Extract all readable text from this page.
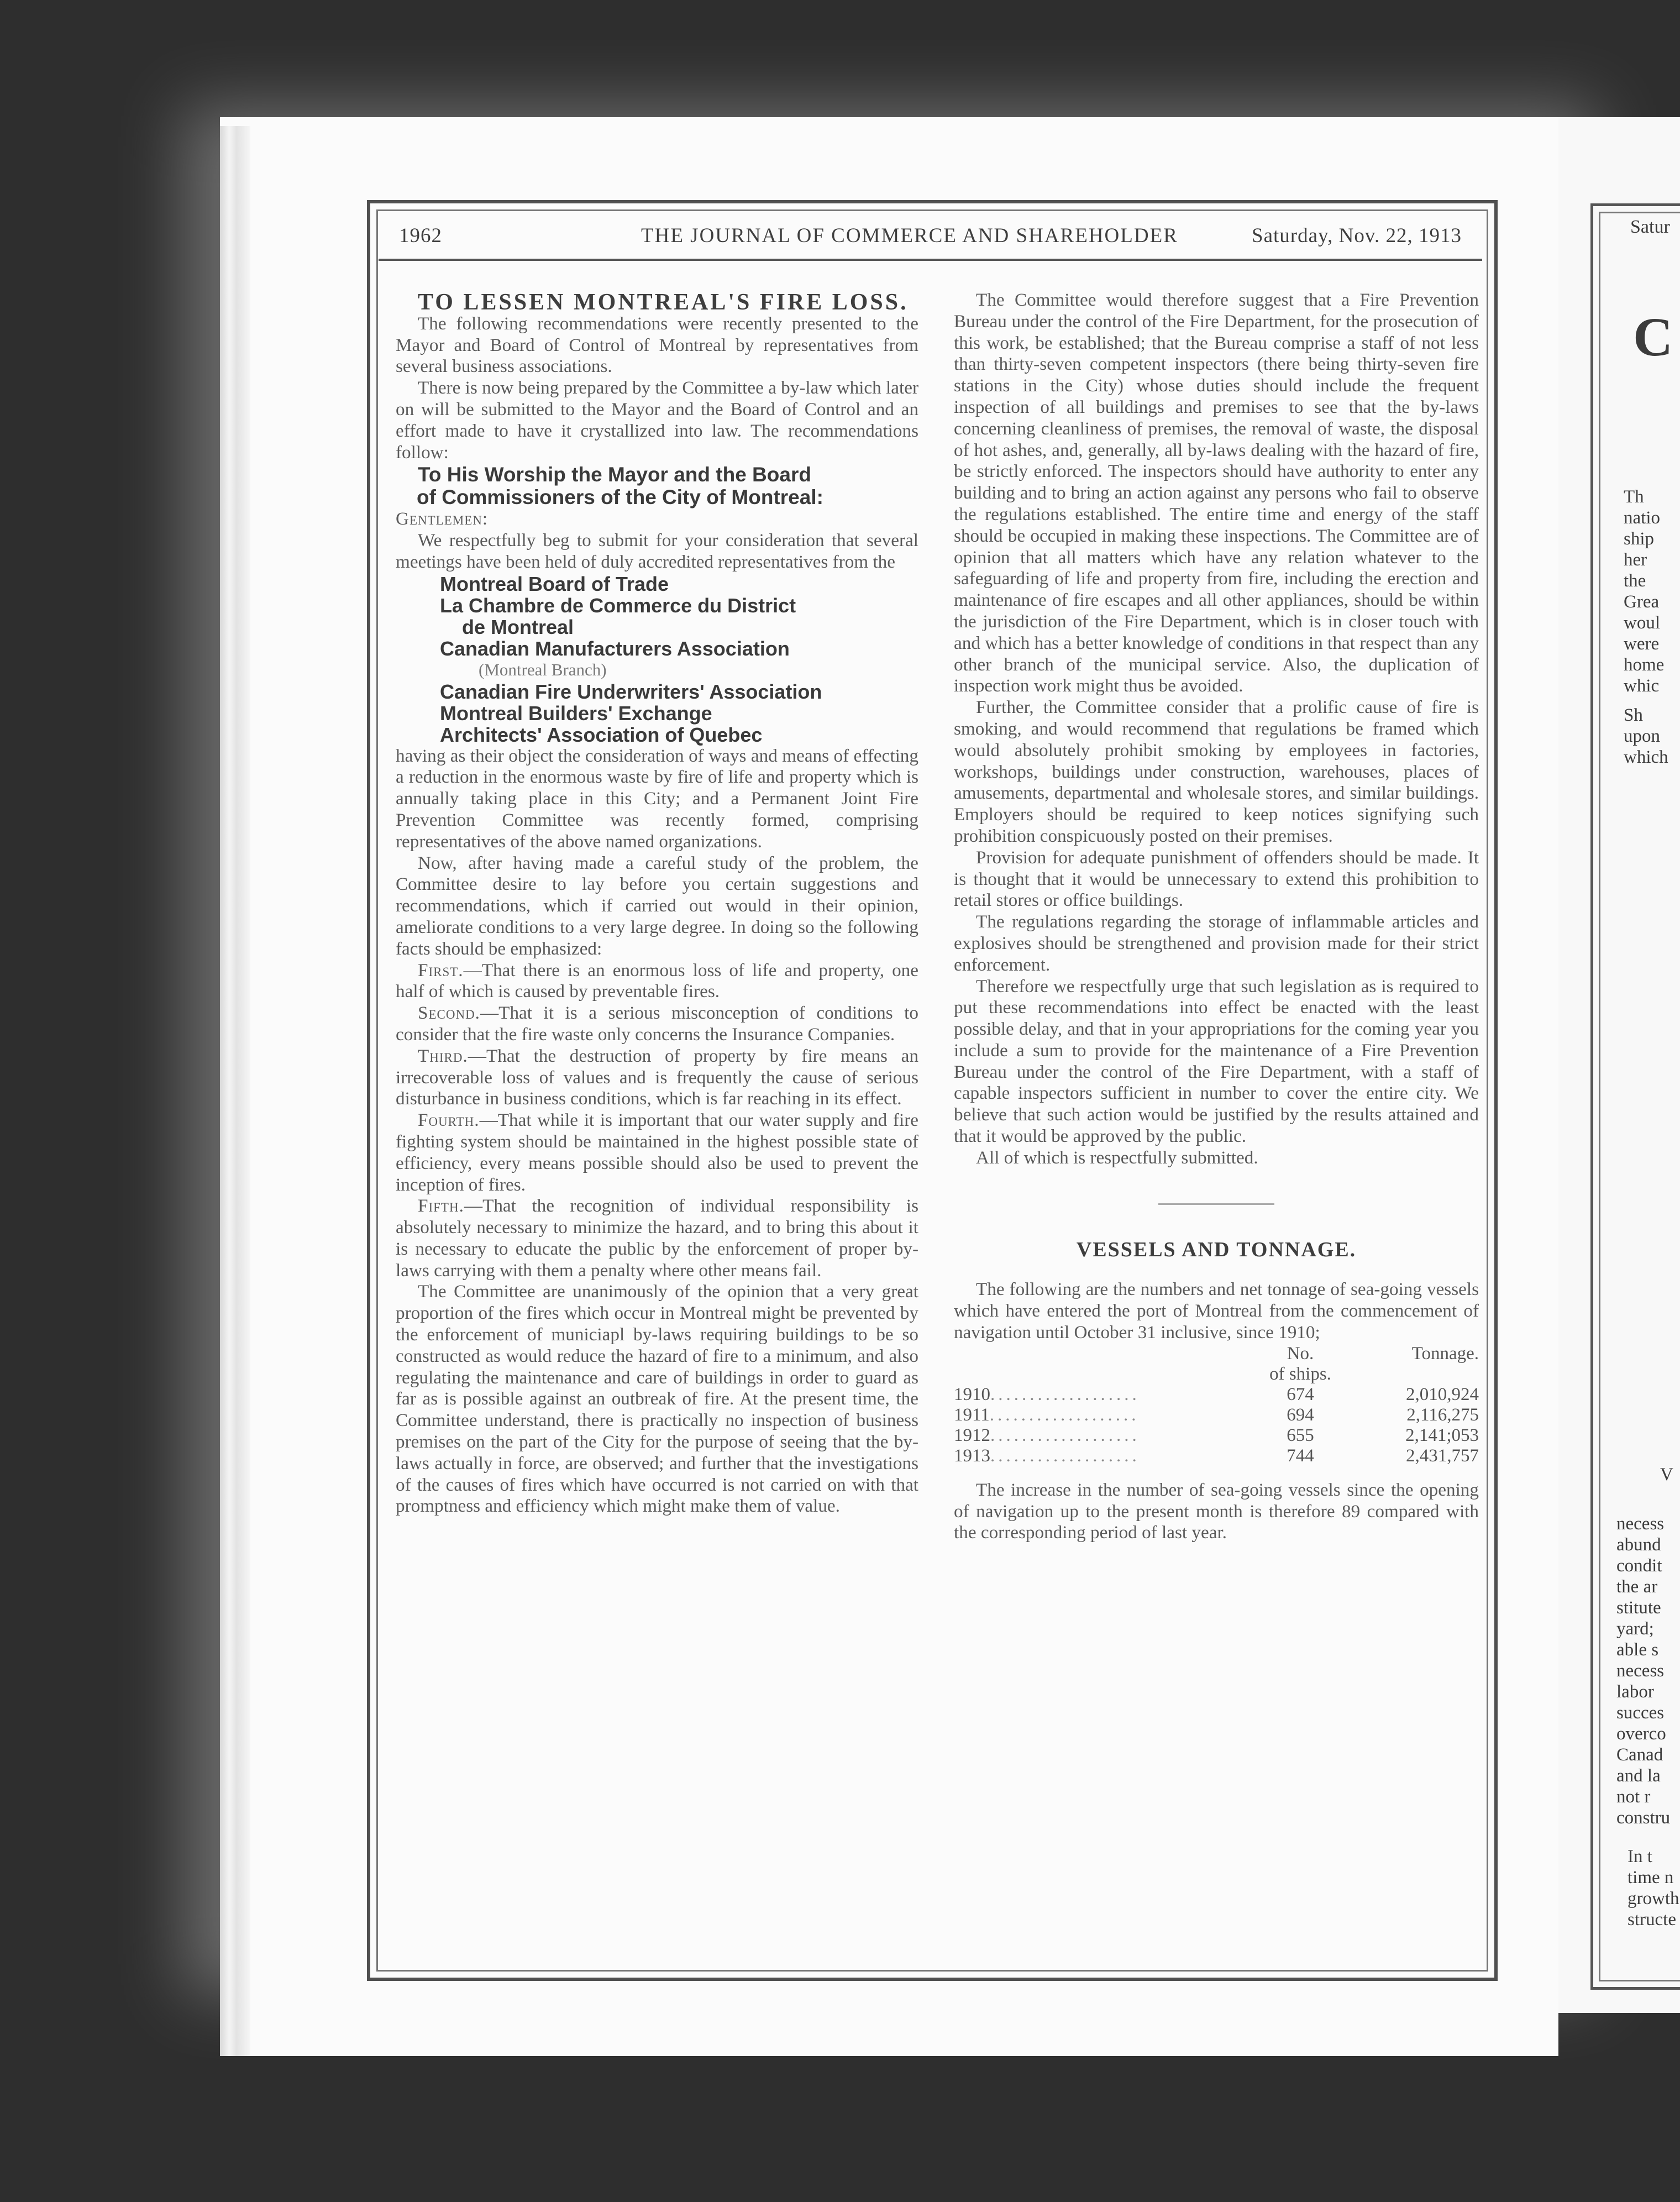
Satur
C
Th
natio
ship
her
the
Grea
woul
were
home
whic
Sh
upon
which
V
necess
abund
condit
the ar
stitute
yard;
able s
necess
labor
succes
overco
Canad
and la
not r
constru
In t
time n
growth
structe
1962	THE JOURNAL OF COMMERCE AND SHAREHOLDER	Saturday, Nov. 22, 1913

TO LESSEN MONTREAL'S FIRE LOSS.

The following recommendations were recently presented to the Mayor and Board of Control of Montreal by representatives from several business associations.

There is now being prepared by the Committee a by-law which later on will be submitted to the Mayor and the Board of Control and an effort made to have it crystallized into law. The recommendations follow:

To His Worship the Mayor and the Board
of Commissioners of the City of Montreal:

Gentlemen:

We respectfully beg to submit for your consideration that several meetings have been held of duly accredited representatives from the

Montreal Board of Trade
La Chambre de Commerce du District
de Montreal
Canadian Manufacturers Association
(Montreal Branch)
Canadian Fire Underwriters' Association
Montreal Builders' Exchange
Architects' Association of Quebec

having as their object the consideration of ways and means of effecting a reduction in the enormous waste by fire of life and property which is annually taking place in this City; and a Permanent Joint Fire Prevention Committee was recently formed, comprising representatives of the above named organizations.

Now, after having made a careful study of the problem, the Committee desire to lay before you certain suggestions and recommendations, which if carried out would in their opinion, ameliorate conditions to a very large degree. In doing so the following facts should be emphasized:

First.—That there is an enormous loss of life and property, one half of which is caused by preventable fires.

Second.—That it is a serious misconception of conditions to consider that the fire waste only concerns the Insurance Companies.

Third.—That the destruction of property by fire means an irrecoverable loss of values and is frequently the cause of serious disturbance in business conditions, which is far reaching in its effect.

Fourth.—That while it is important that our water supply and fire fighting system should be maintained in the highest possible state of efficiency, every means possible should also be used to prevent the inception of fires.

Fifth.—That the recognition of individual responsibility is absolutely necessary to minimize the hazard, and to bring this about it is necessary to educate the public by the enforcement of proper by-laws carrying with them a penalty where other means fail.

The Committee are unanimously of the opinion that a very great proportion of the fires which occur in Montreal might be prevented by the enforcement of municiapl by-laws requiring buildings to be so constructed as would reduce the hazard of fire to a minimum, and also regulating the maintenance and care of buildings in order to guard as far as is possible against an outbreak of fire. At the present time, the Committee understand, there is practically no inspection of business premises on the part of the City for the purpose of seeing that the by-laws actually in force, are observed; and further that the investigations of the causes of fires which have occurred is not carried on with that promptness and efficiency which might make them of value.

The Committee would therefore suggest that a Fire Prevention Bureau under the control of the Fire Department, for the prosecution of this work, be established; that the Bureau comprise a staff of not less than thirty-seven competent inspectors (there being thirty-seven fire stations in the City) whose duties should include the frequent inspection of all buildings and premises to see that the by-laws concerning cleanliness of premises, the removal of waste, the disposal of hot ashes, and, generally, all by-laws dealing with the hazard of fire, be strictly enforced. The inspectors should have authority to enter any building and to bring an action against any persons who fail to observe the regulations established. The entire time and energy of the staff should be occupied in making these inspections. The Committee are of opinion that all matters which have any relation whatever to the safeguarding of life and property from fire, including the erection and maintenance of fire escapes and all other appliances, should be within the jurisdiction of the Fire Department, which is in closer touch with and which has a better knowledge of conditions in that respect than any other branch of the municipal service. Also, the duplication of inspection work might thus be avoided.

Further, the Committee consider that a prolific cause of fire is smoking, and would recommend that regulations be framed which would absolutely prohibit smoking by employees in factories, workshops, buildings under construction, warehouses, places of amusements, departmental and wholesale stores, and similar buildings. Employers should be required to keep notices signifying such prohibition conspicuously posted on their premises.

Provision for adequate punishment of offenders should be made. It is thought that it would be unnecessary to extend this prohibition to retail stores or office buildings.

The regulations regarding the storage of inflammable articles and explosives should be strengthened and provision made for their strict enforcement.

Therefore we respectfully urge that such legislation as is required to put these recommendations into effect be enacted with the least possible delay, and that in your appropriations for the coming year you include a sum to provide for the maintenance of a Fire Prevention Bureau under the control of the Fire Department, with a staff of capable inspectors sufficient in number to cover the entire city. We believe that such action would be justified by the results attained and that it would be approved by the public.

All of which is respectfully submitted.

VESSELS AND TONNAGE.

The following are the numbers and net tonnage of sea-going vessels which have entered the port of Montreal from the commencement of navigation until October 31 inclusive, since 1910;

	No.
of ships.	Tonnage.
1910...................	674	2,010,924
1911...................	694	2,116,275
1912...................	655	2,141;053
1913...................	744	2,431,757

The increase in the number of sea-going vessels since the opening of navigation up to the present month is therefore 89 compared with the corresponding period of last year.
